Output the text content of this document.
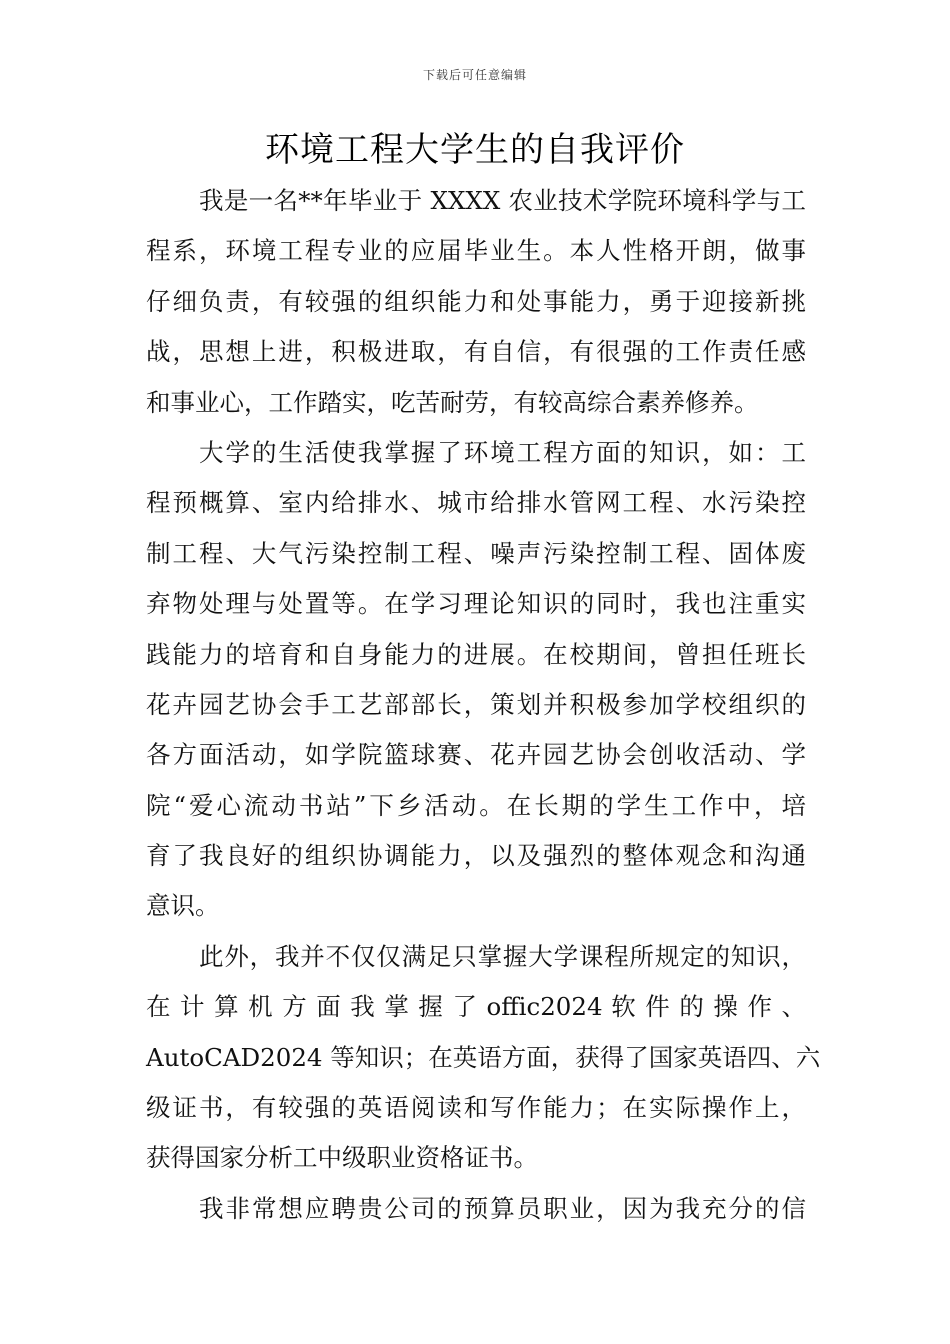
下载后可任意编辑
环境工程大学生的自我评价
我是一名**年毕业于 XXXX 农业技术学院环境科学与工
程系，环境工程专业的应届毕业生。本人性格开朗，做事
仔细负责，有较强的组织能力和处事能力，勇于迎接新挑
战，思想上进，积极进取，有自信，有很强的工作责任感
和事业心，工作踏实，吃苦耐劳，有较高综合素养修养。
大学的生活使我掌握了环境工程方面的知识，如：工
程预概算、室内给排水、城市给排水管网工程、水污染控
制工程、大气污染控制工程、噪声污染控制工程、固体废
弃物处理与处置等。在学习理论知识的同时，我也注重实
践能力的培育和自身能力的进展。在校期间，曾担任班长
花卉园艺协会手工艺部部长，策划并积极参加学校组织的
各方面活动，如学院篮球赛、花卉园艺协会创收活动、学
院“爱心流动书站”下乡活动。在长期的学生工作中，培
育了我良好的组织协调能力，以及强烈的整体观念和沟通
意识。
此外，我并不仅仅满足只掌握大学课程所规定的知识，
在 计 算 机 方 面 我 掌 握 了 offic2024 软 件 的 操 作 、
AutoCAD2024 等知识；在英语方面，获得了国家英语四、六
级证书，有较强的英语阅读和写作能力；在实际操作上，
获得国家分析工中级职业资格证书。
我非常想应聘贵公司的预算员职业，因为我充分的信
